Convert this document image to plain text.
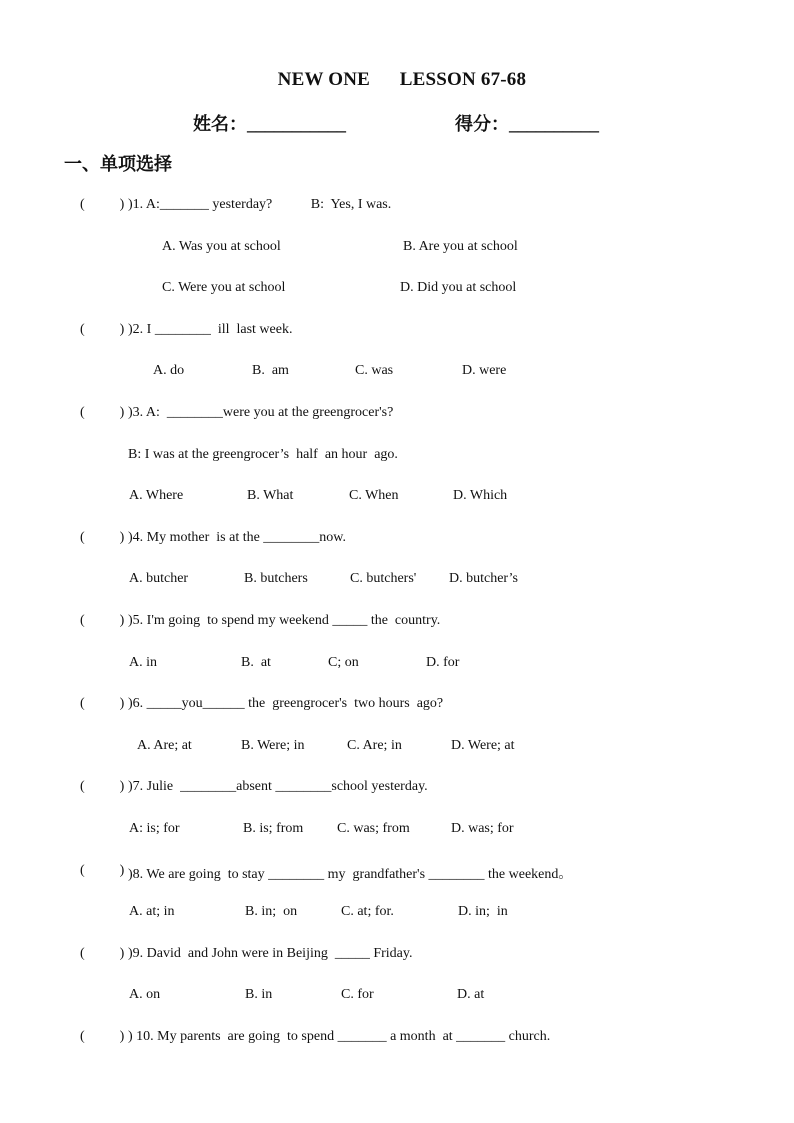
NEW ONE LESSON 67-68

姓名：___________	得分：__________
一、单项选择
(          ) )1. A:_______ yesterday?           B:  Yes, I was.
A. Was you at school	B. Are you at school
C. Were you at school	D. Did you at school
(          ) )2. I ________  ill  last week.
A. do	B.  am	C. was	D. were
(          ) )3. A:  ________were you at the greengrocer's?
B: I was at the greengrocer’s  half  an hour  ago.
A. Where	B. What	C. When	D. Which
(          ) )4. My mother  is at the ________now.
A. butcher	B. butchers	C. butchers' D. butcher’s
(          ) )5. I'm going  to spend my weekend _____ the  country.
A. in	B.  at	C; on	D. for
(          ) )6. _____you______ the  greengrocer's  two hours  ago?
A. Are; at	B. Were; in	C. Are; in	D. Were; at
(          ) )7. Julie  ________absent ________school yesterday.
A: is; for	B. is; from C. was; from	D. was; for
(          ) )8. We are going  to stay ________ my  grandfather's ________ the weekend。
A. at; in	B. in;  on	C. at; for.	D. in;  in
(          ) )9. David  and John were in Beijing  _____ Friday.
A. on	B. in	C. for	D. at
(          ) ) 10. My parents  are going  to spend _______ a month  at _______ church.
